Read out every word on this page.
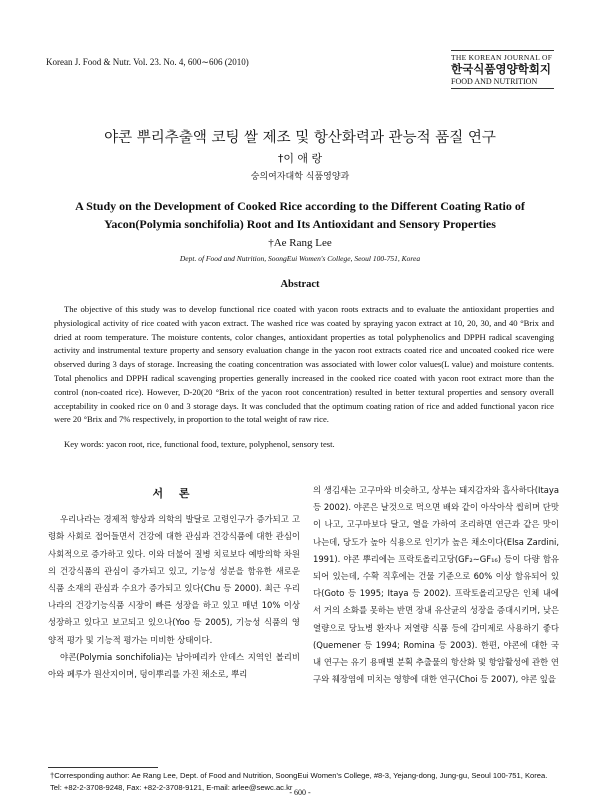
Korean J. Food & Nutr. Vol. 23. No. 4, 600∼606 (2010)	THE KOREAN JOURNAL OF
한국식품영양학회지
FOOD AND NUTRITION
야콘 뿌리추출액 코팅 쌀 제조 및 항산화력과 관능적 품질 연구
†이 애 랑
숭의여자대학 식품영양과
A Study on the Development of Cooked Rice according to the Different Coating Ratio of Yacon(Polymia sonchifolia) Root and Its Antioxidant and Sensory Properties
†Ae Rang Lee
Dept. of Food and Nutrition, SoongEui Women's College, Seoul 100-751, Korea
Abstract
The objective of this study was to develop functional rice coated with yacon roots extracts and to evaluate the antioxidant properties and physiological activity of rice coated with yacon extract. The washed rice was coated by spraying yacon extract at 10, 20, 30, and 40 °Brix and dried at room temperature. The moisture contents, color changes, antioxidant properties as total polyphenolics and DPPH radical scavenging activity and instrumental texture property and sensory evaluation change in the yacon root extracts coated rice and uncoated cooked rice were observed during 3 days of storage. Increasing the coating concentration was associated with lower color values(L value) and moisture contents. Total phenolics and DPPH radical scavenging properties generally increased in the cooked rice coated with yacon root extract more than the control (non-coated rice). However, D-20(20 °Brix of the yacon root concentration) resulted in better textural properties and sensory overall acceptability in cooked rice on 0 and 3 storage days. It was concluded that the optimum coating ration of rice and added functional yacon rice were 20 °Brix and 7% respectively, in proportion to the total weight of raw rice.
Key words: yacon root, rice, functional food, texture, polyphenol, sensory test.
서 론

우리나라는 경제적 향상과 의학의 발달로 고령인구가 증가되고 고령화 사회로 접어들면서 건강에 대한 관심과 건강식품에 대한 관심이 사회적으로 증가하고 있다. 이와 더불어 질병 치료보다 예방의학 차원의 건강식품의 관심이 증가되고 있고, 기능성 성분을 함유한 새로운 식품 소재의 관심과 수요가 증가되고 있다(Chu 등 2000). 최근 우리나라의 건강기능식품 시장이 빠른 성장을 하고 있고 매년 10% 이상 성장하고 있다고 보고되고 있으나(Yoo 등 2005), 기능성 식품의 영양적 평가 및 기능적 평가는 미비한 상태이다.

야콘(Polymia sonchifolia)는 남아메리카 안데스 지역인 볼리비아와 페루가 원산지이며, 덩이뿌리를 가진 채소로, 뿌리

의 생김새는 고구마와 비슷하고, 상부는 돼지감자와 흡사하다(Itaya 등 2002). 야콘은 날것으로 먹으면 배와 같이 아삭아삭 씹히며 단맛이 나고, 고구마보다 달고, 열을 가하여 조리하면 연근과 같은 맛이 나는데, 당도가 높아 식용으로 인기가 높은 채소이다(Elsa Zardini, 1991). 야콘 뿌리에는 프락토올리고당(GF₂∼GF₁₆) 등이 다량 함유되어 있는데, 수확 직후에는 건물 기준으로 60% 이상 함유되어 있다(Goto 등 1995; Itaya 등 2002). 프락토올리고당은 인체 내에서 거의 소화를 못하는 반면 장내 유산균의 성장을 증대시키며, 낮은 열량으로 당뇨병 환자나 저열량 식품 등에 감미제로 사용하기 좋다(Quemener 등 1994; Romina 등 2003). 한편, 야콘에 대한 국내 연구는 유기 용매별 분획 추출물의 항산화 및 항암활성에 관한 연구와 췌장염에 미치는 영향에 대한 연구(Choi 등 2007), 야콘 잎을

†Corresponding author: Ae Rang Lee, Dept. of Food and Nutrition, SoongEui Women's College, #8-3, Yejang-dong, Jung-gu, Seoul 100-751, Korea. Tel: +82-2-3708-9248, Fax: +82-2-3708-9121, E-mail: arlee@sewc.ac.kr
- 600 -
